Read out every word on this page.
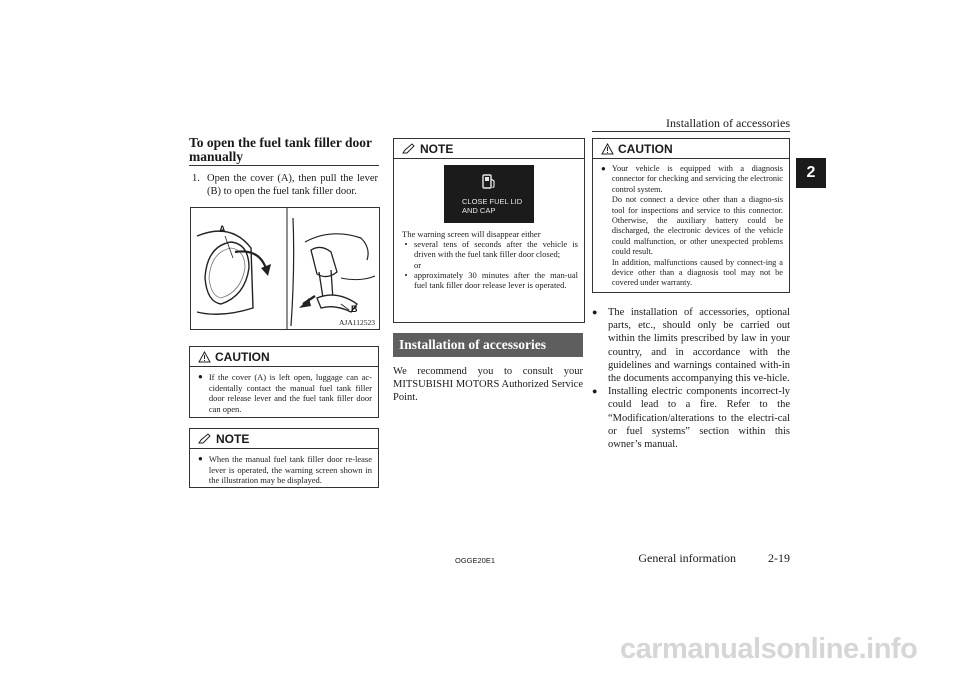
Installation of accessories
2
To open the fuel tank filler door manually
1. Open the cover (A), then pull the lever (B) to open the fuel tank filler door.
A
B
AJA112523
CAUTION
● If the cover (A) is left open, luggage can ac-cidentally contact the manual fuel tank filler door release lever and the fuel tank filler door can open.
NOTE
● When the manual fuel tank filler door re-lease lever is operated, the warning screen shown in the illustration may be displayed.
NOTE
CLOSE FUEL LID
AND CAP
The warning screen will disappear either
• several tens of seconds after the vehicle is driven with the fuel tank filler door closed;
or
• approximately 30 minutes after the man-ual fuel tank filler door release lever is operated.
Installation of accessories
We recommend you to consult your MITSUBISHI MOTORS Authorized Service Point.
CAUTION
● Your vehicle is equipped with a diagnosis connector for checking and servicing the electronic control system.
Do not connect a device other than a diagno-sis tool for inspections and service to this connector. Otherwise, the auxiliary battery could be discharged, the electronic devices of the vehicle could malfunction, or other unexpected problems could result.
In addition, malfunctions caused by connect-ing a device other than a diagnosis tool may not be covered under warranty.
●	The installation of accessories, optional parts, etc., should only be carried out within the limits prescribed by law in your country, and in accordance with the guidelines and warnings contained with-in the documents accompanying this ve-hicle.
●	Installing electric components incorrect-ly could lead to a fire. Refer to the “Modification/alterations to the electri-cal or fuel systems” section within this owner’s manual.
OGGE20E1	General information	2-19
carmanualsonline.info
